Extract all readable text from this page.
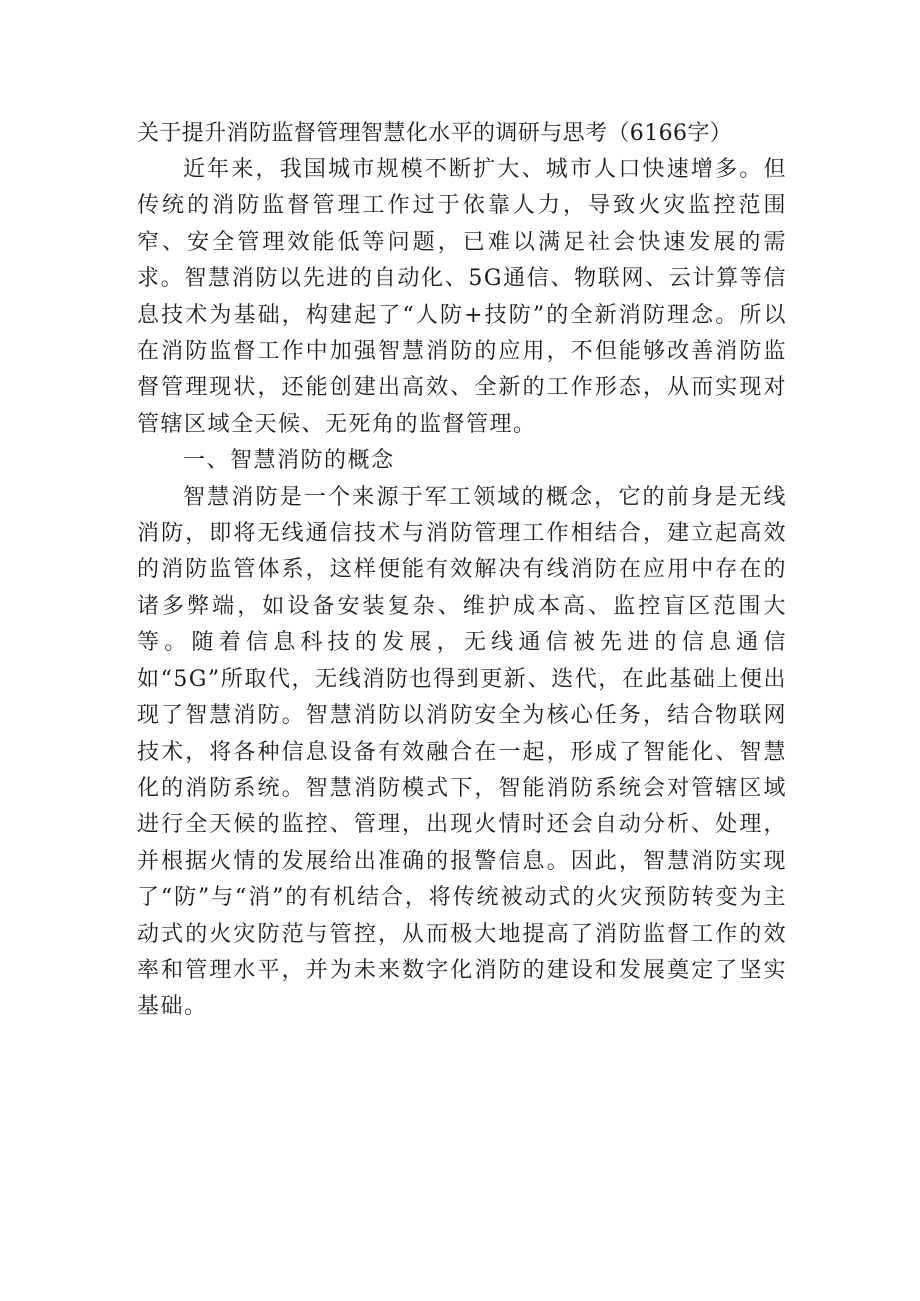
关于提升消防监督管理智慧化水平的调研与思考（6166字）

近年来，我国城市规模不断扩大、城市人口快速增多。但传统的消防监督管理工作过于依靠人力，导致火灾监控范围窄、安全管理效能低等问题，已难以满足社会快速发展的需求。智慧消防以先进的自动化、5G通信、物联网、云计算等信息技术为基础，构建起了“人防+技防”的全新消防理念。所以在消防监督工作中加强智慧消防的应用，不但能够改善消防监督管理现状，还能创建出高效、全新的工作形态，从而实现对管辖区域全天候、无死角的监督管理。

一、智慧消防的概念

智慧消防是一个来源于军工领域的概念，它的前身是无线消防，即将无线通信技术与消防管理工作相结合，建立起高效的消防监管体系，这样便能有效解决有线消防在应用中存在的诸多弊端，如设备安装复杂、维护成本高、监控盲区范围大等。随着信息科技的发展，无线通信被先进的信息通信如“5G”所取代，无线消防也得到更新、迭代，在此基础上便出现了智慧消防。智慧消防以消防安全为核心任务，结合物联网技术，将各种信息设备有效融合在一起，形成了智能化、智慧化的消防系统。智慧消防模式下，智能消防系统会对管辖区域进行全天候的监控、管理，出现火情时还会自动分析、处理，并根据火情的发展给出准确的报警信息。因此，智慧消防实现了“防”与“消”的有机结合，将传统被动式的火灾预防转变为主动式的火灾防范与管控，从而极大地提高了消防监督工作的效率和管理水平，并为未来数字化消防的建设和发展奠定了坚实基础。
